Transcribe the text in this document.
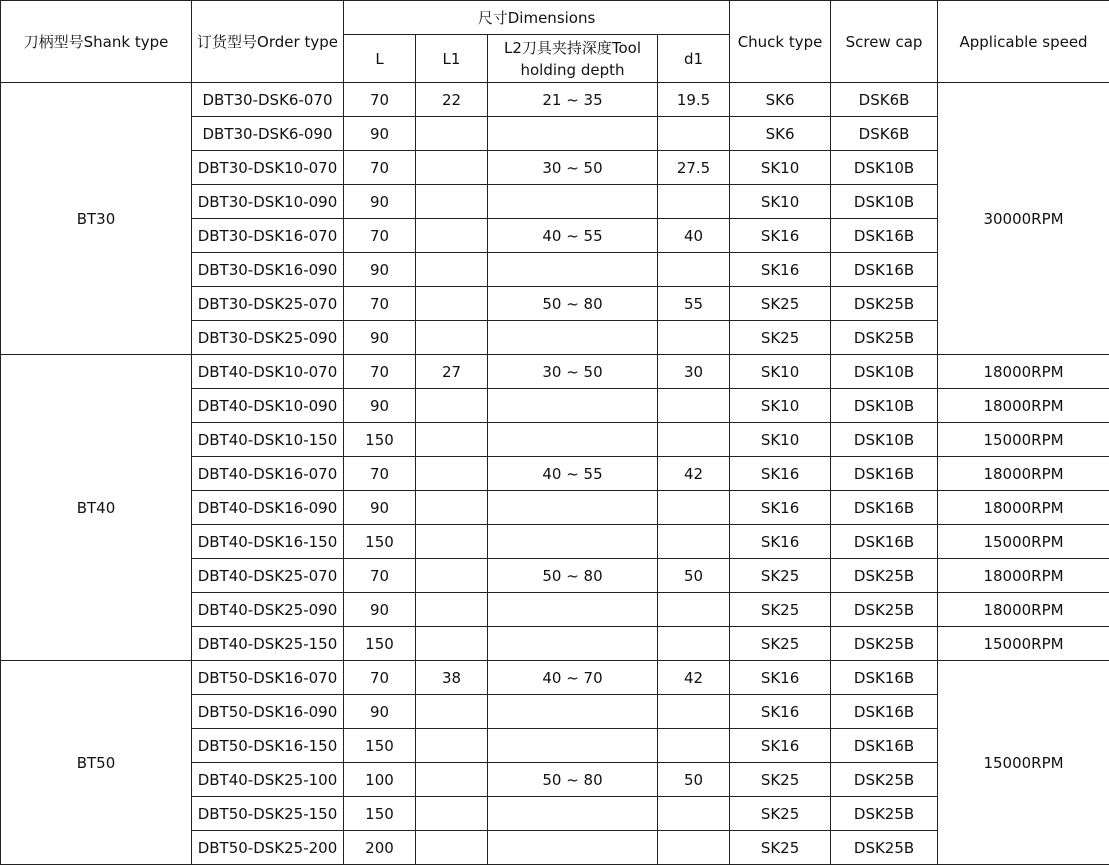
刀柄型号Shank type	订货型号Order type	尺寸Dimensions				Chuck type	Screw cap	Applicable speed
		L	L1	L2刀具夹持深度Tool holding depth	d1			
BT30	DBT30-DSK6-070	70	22	21 ~ 35	19.5	SK6	DSK6B	30000RPM
	DBT30-DSK6-090	90				SK6	DSK6B	
	DBT30-DSK10-070	70		30 ~ 50	27.5	SK10	DSK10B	
	DBT30-DSK10-090	90				SK10	DSK10B	
	DBT30-DSK16-070	70		40 ~ 55	40	SK16	DSK16B	
	DBT30-DSK16-090	90				SK16	DSK16B	
	DBT30-DSK25-070	70		50 ~ 80	55	SK25	DSK25B	
	DBT30-DSK25-090	90				SK25	DSK25B	
BT40	DBT40-DSK10-070	70	27	30 ~ 50	30	SK10	DSK10B	18000RPM
	DBT40-DSK10-090	90				SK10	DSK10B	18000RPM
	DBT40-DSK10-150	150				SK10	DSK10B	15000RPM
	DBT40-DSK16-070	70		40 ~ 55	42	SK16	DSK16B	18000RPM
	DBT40-DSK16-090	90				SK16	DSK16B	18000RPM
	DBT40-DSK16-150	150				SK16	DSK16B	15000RPM
	DBT40-DSK25-070	70		50 ~ 80	50	SK25	DSK25B	18000RPM
	DBT40-DSK25-090	90				SK25	DSK25B	18000RPM
	DBT40-DSK25-150	150				SK25	DSK25B	15000RPM
BT50	DBT50-DSK16-070	70	38	40 ~ 70	42	SK16	DSK16B	15000RPM
	DBT50-DSK16-090	90				SK16	DSK16B	
	DBT50-DSK16-150	150				SK16	DSK16B	
	DBT40-DSK25-100	100		50 ~ 80	50	SK25	DSK25B	
	DBT50-DSK25-150	150				SK25	DSK25B	
	DBT50-DSK25-200	200				SK25	DSK25B	
